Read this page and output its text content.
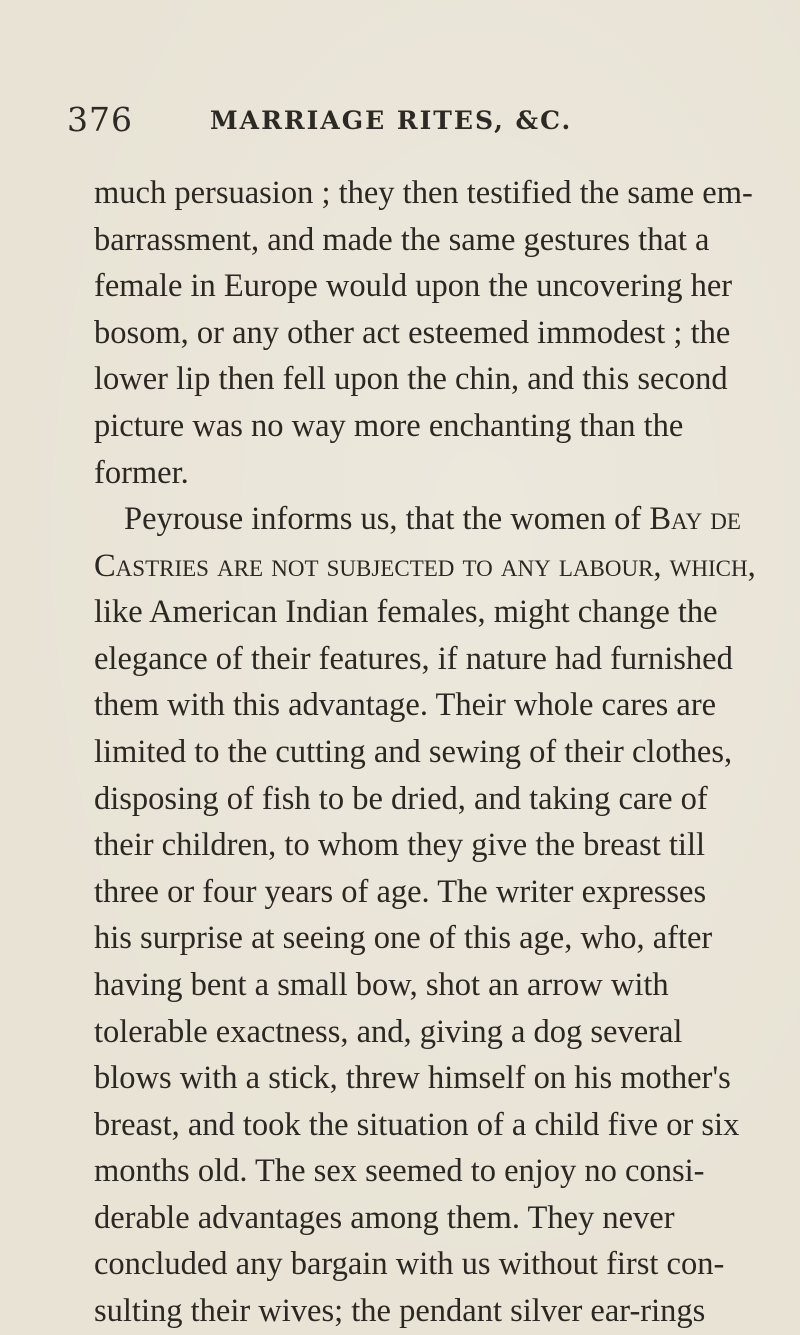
376	MARRIAGE RITES, &C.
much persuasion ; they then testified the same em-
barrassment, and made the same gestures that a
female in Europe would upon the uncovering her
bosom, or any other act esteemed immodest ; the
lower lip then fell upon the chin, and this second
picture was no way more enchanting than the
former.
Peyrouse informs us, that the women of Bay de
Castries are not subjected to any labour, which,
like American Indian females, might change the
elegance of their features, if nature had furnished
them with this advantage. Their whole cares are
limited to the cutting and sewing of their clothes,
disposing of fish to be dried, and taking care of
their children, to whom they give the breast till
three or four years of age. The writer expresses
his surprise at seeing one of this age, who, after
having bent a small bow, shot an arrow with
tolerable exactness, and, giving a dog several
blows with a stick, threw himself on his mother's
breast, and took the situation of a child five or six
months old. The sex seemed to enjoy no consi-
derable advantages among them. They never
concluded any bargain with us without first con-
sulting their wives; the pendant silver ear-rings
